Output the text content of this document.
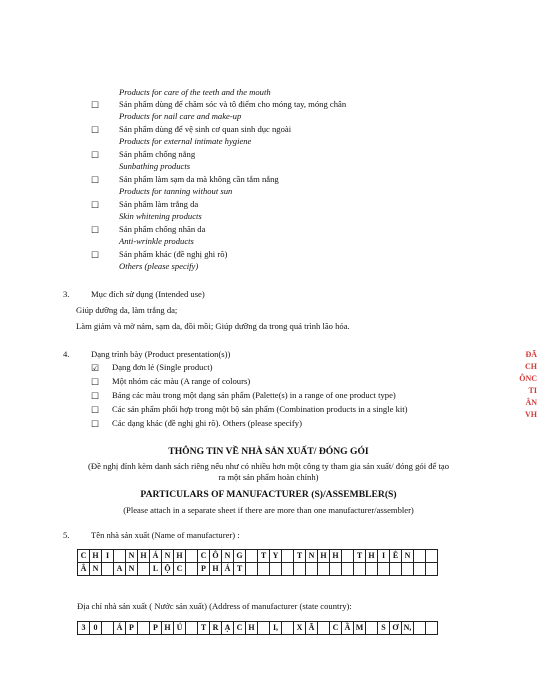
Products for care of the teeth and the mouth
☐ Sản phẩm dùng để chăm sóc và tô điểm cho móng tay, móng chân
Products for nail care and make-up
☐ Sản phẩm dùng để vệ sinh cơ quan sinh dục ngoài
Products for external intimate hygiene
☐ Sản phẩm chống nắng
Sunbathing products
☐ Sản phẩm làm sạm da mà không cần tắm nắng
Products for tanning without sun
☐ Sản phẩm làm trắng da
Skin whitening products
☐ Sản phẩm chống nhăn da
Anti-wrinkle products
☐ Sản phẩm khác (đề nghị ghi rõ)
Others (please specify)
3.	Mục đích sử dụng (Intended use)
Giúp dưỡng da, làm trắng da;
Làm giảm và mờ nám, sạm da, đồi mồi; Giúp dưỡng da trong quá trình lão hóa.
4.	Dạng trình bày (Product presentation(s))
☑ Dạng đơn lẻ (Single product)
☐ Một nhóm các màu (A range of colours)
☐ Bảng các màu trong một dạng sản phẩm (Palette(s) in a range of one product type)
☐ Các sản phẩm phối hợp trong một bộ sản phẩm (Combination products in a single kit)
☐ Các dạng khác (đề nghị ghi rõ). Others (please specify)
THÔNG TIN VỀ NHÀ SẢN XUẤT/ ĐÓNG GÓI
(Đề nghị đính kèm danh sách riêng nếu như có nhiều hơn một công ty tham gia sản xuất/ đóng gói để tạo
ra một sản phẩm hoàn chỉnh)
PARTICULARS OF MANUFACTURER (S)/ASSEMBLER(S)
(Please attach in a separate sheet if there are more than one manufacturer/assembler)
5.	Tên nhà sản xuất (Name of manufacturer) :
C	H	I		N	H	Á	N	H		C	Ô	N	G		T	Y		T	N	H	H		T	H	I	Ê	N		
Â	N		A	N		L	Ộ	C		P	H	Á	T																
Địa chỉ nhà sản xuất ( Nước sản xuất) (Address of manufacturer (state country):
3	0		Á	P		P	H	Ú		T	R	Ạ	C	H		I,		X	Ã		C	Ầ	M		S	Ơ	N,		
ĐÃ
CH
ÔNC
TI
ÂN
VH
